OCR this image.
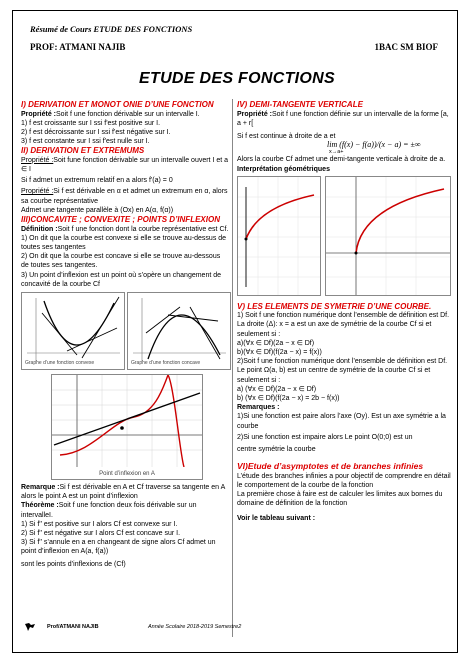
Résumé de Cours ETUDE DES FONCTIONS
PROF: ATMANI NAJIB	1BAC SM BIOF
ETUDE DES FONCTIONS

I) DERIVATION ET MONOT ONIE D’UNE FONCTION

Propriété :Soit f une fonction dérivable sur un intervalle I.

1) f est croissante sur I ssi f'est positive sur I.

2) f est décroissante sur I ssi f'est négative sur I.

3) f est constante sur I ssi f'est nulle sur I.

II) DERIVATION ET EXTREMUMS

Propriété :Soit fune fonction dérivable sur un intervalle ouvert I et a ∈ I

Si f admet un extremum relatif en a alors f'(a) = 0

Propriété :Si f est dérivable en α et admet un extremum en α, alors sa courbe représentative

Admet une tangente parallèle à (Ox) en A(α, f(α))

III)CONCAVITE ; CONVEXITE ; POINTS D’INFLEXION

Définition :Soit f une fonction dont la courbe représentative est Cf.

1) On dit que la courbe est convexe si elle se trouve au-dessus de toutes ses tangentes

2) On dit que la courbe est concave si elle se trouve au-dessous de toutes ses tangentes.

3) Un point d’inflexion est un point où s’opère un changement de concavité de la courbe Cf

Graphe d’une fonction convexe	Graphe d’une fonction concave
Point d’inflexion en A

Remarque :Si f est dérivable en A et Cf traverse sa tangente en A alors le point A est un point d’inflexion

Théorème :Soit f une fonction deux fois dérivable sur un intervalleI.

1) Si f'' est positive sur I alors Cf est convexe sur I.

2) Si f'' est négative sur I alors Cf est concave sur I.

3) Si f'' s’annule en a en changeant de signe alors Cf admet un point d’inflexion en A(a, f(a))

sont les points d’inflexions de (Cf)

IV) DEMI-TANGENTE VERTICALE

Propriété :Soit f une fonction définie sur un intervalle de la forme [a, a + r[

Si f est continue à droite de a et

lim (f(x) − f(a))/(x − a) = ±∞

x→a+

Alors la courbe Cf admet une demi-tangente verticale à droite de a.

Interprétation géométriques

V) LES ELEMENTS DE SYMETRIE D’UNE COURBE.

1) Soit f une fonction numérique dont l’ensemble de définition est Df.

La droite (Δ): x = a est un axe de symétrie de la courbe Cf si et seulement si :

a)(∀x ∈ Df)(2a − x ∈ Df)

b)(∀x ∈ Df)(f(2a − x) = f(x))

2)Soit f une fonction numérique dont l’ensemble de définition est Df.

Le point Ω(a, b) est un centre de symétrie de la courbe Cf si et seulement si :

a) (∀x ∈ Df)(2a − x ∈ Df)

b) (∀x ∈ Df)(f(2a − x) = 2b − f(x))

Remarques :

1)Si une fonction est paire alors l’axe (Oy). Est un axe symétrie a la courbe

2)Si une fonction est impaire alors Le point O(0;0) est un

centre symétrie la courbe

VI)Etude d’asymptotes et de branches infinies

L’étude des branches infinies a pour objectif de comprendre en détail le comportement de la courbe de la fonction

La première chose à faire est de calculer les limites aux bornes du domaine de définition de la fonction

Voir le tableau suivant :

Prof/ATMANI NAJIB	Année Scolaire 2018-2019 Semestre2
